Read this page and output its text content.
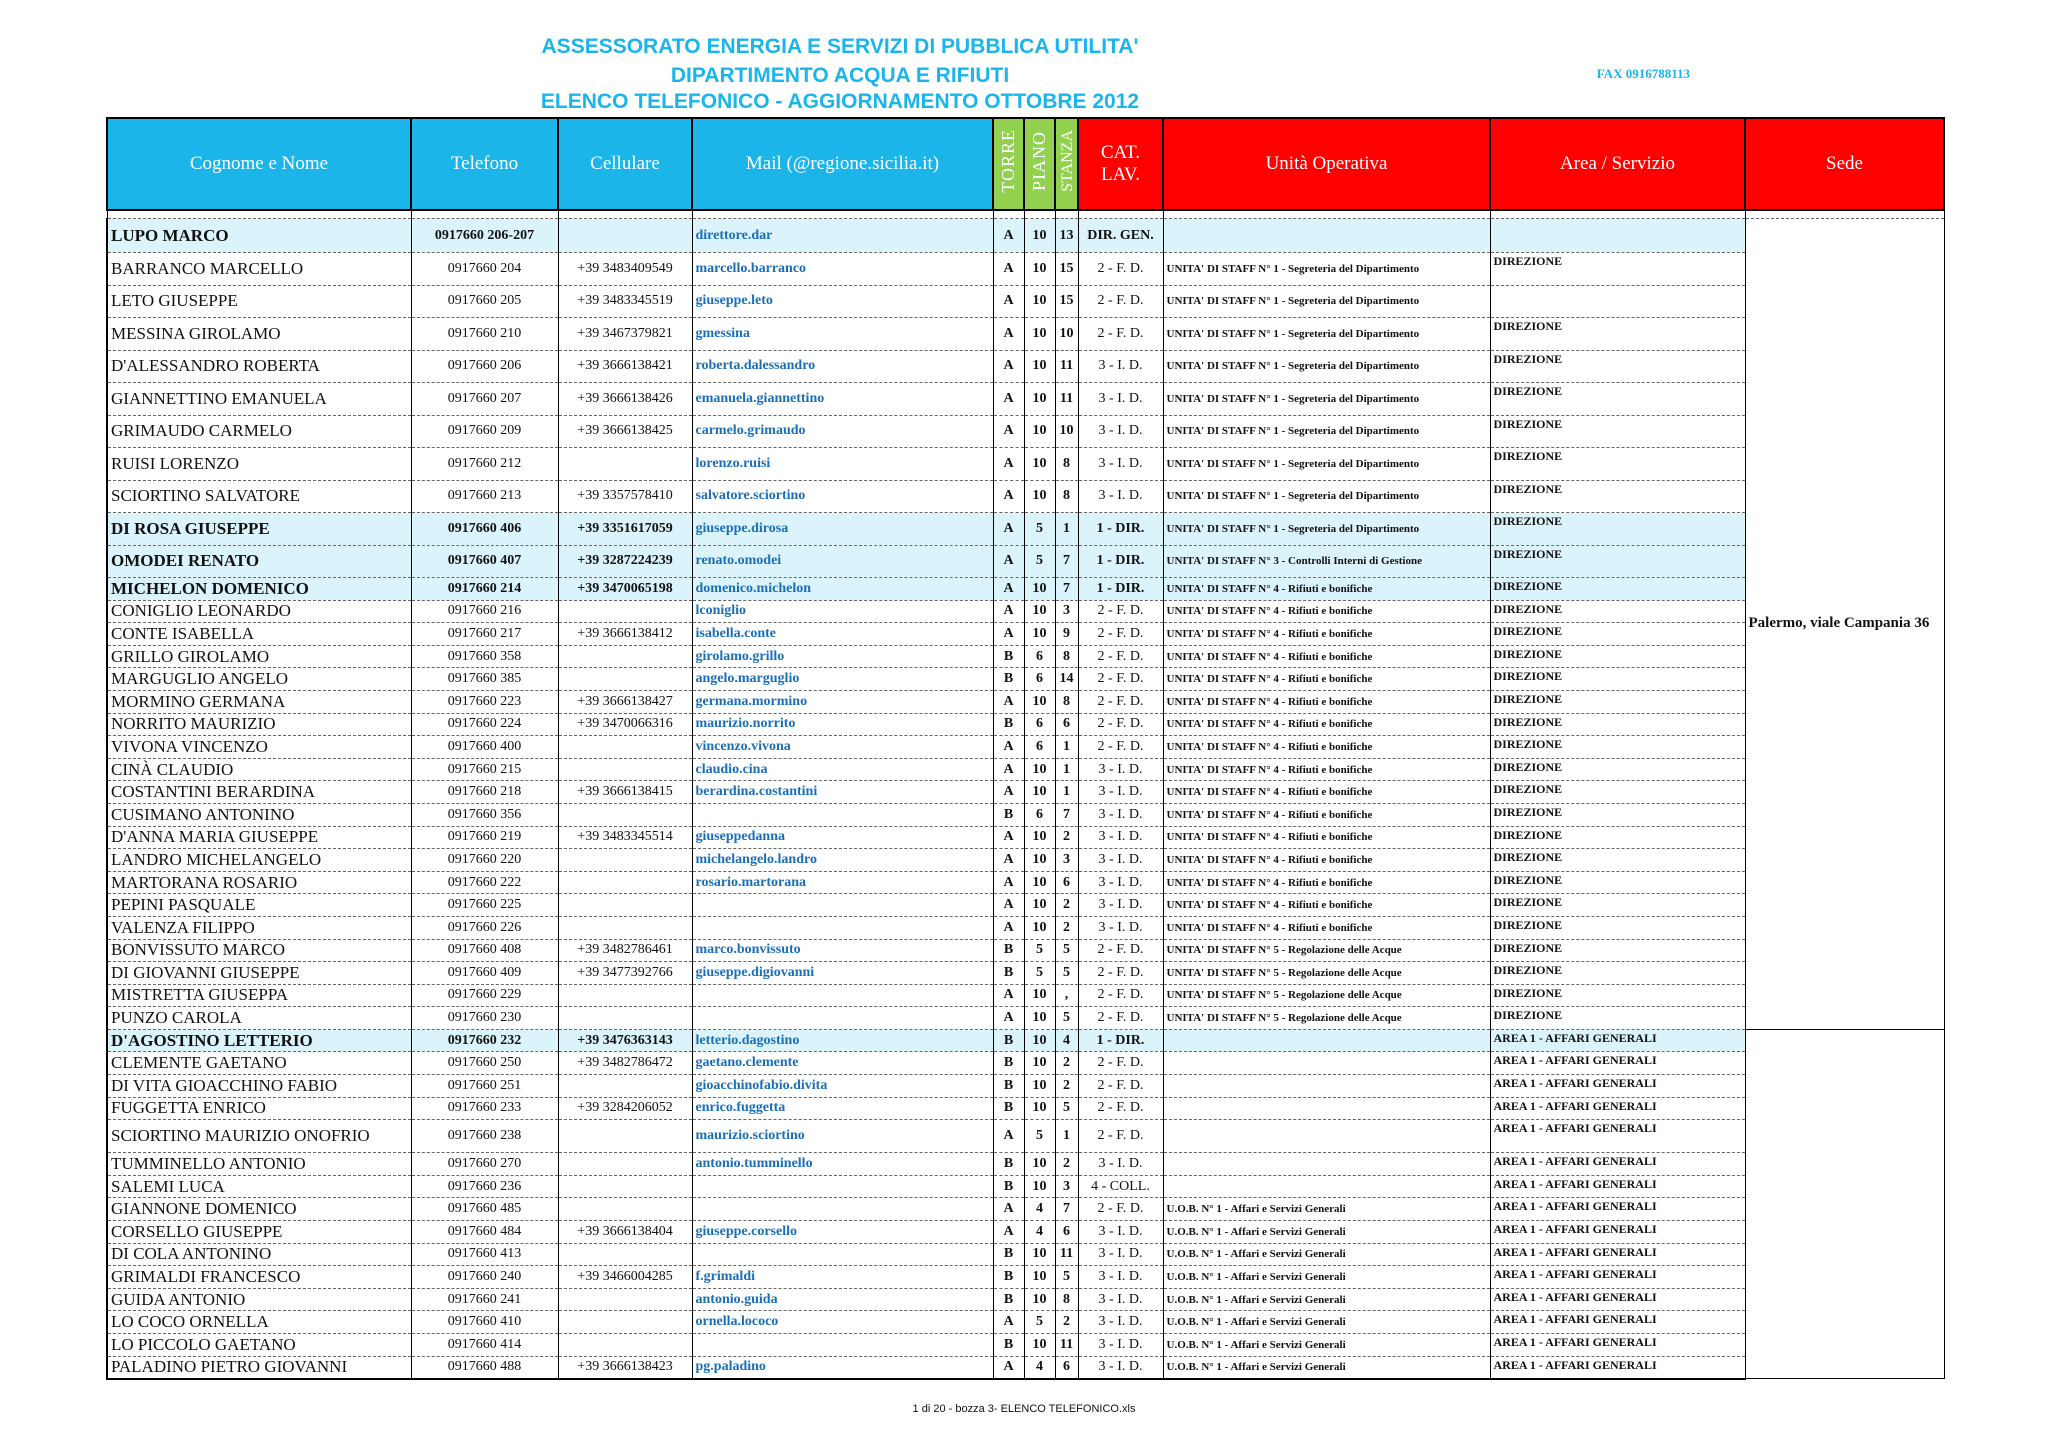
ASSESSORATO ENERGIA E SERVIZI DI PUBBLICA UTILITA'
DIPARTIMENTO ACQUA E RIFIUTI
ELENCO TELEFONICO - AGGIORNAMENTO OTTOBRE 2012
FAX 0916788113
Cognome e Nome	Telefono	Cellulare	Mail (@regione.sicilia.it)	TORRE	PIANO	STANZA	CAT. LAV.	Unità Operativa	Area / Servizio	Sede

LUPO MARCO	0917660 206-207		direttore.dar	A	10	13	DIR. GEN.			Palermo, viale Campania 36
BARRANCO MARCELLO	0917660 204	+39 3483409549	marcello.barranco	A	10	15	2 - F. D.	UNITA' DI STAFF N° 1 - Segreteria del Dipartimento	DIREZIONE	
LETO GIUSEPPE	0917660 205	+39 3483345519	giuseppe.leto	A	10	15	2 - F. D.	UNITA' DI STAFF N° 1 - Segreteria del Dipartimento		
MESSINA GIROLAMO	0917660 210	+39 3467379821	gmessina	A	10	10	2 - F. D.	UNITA' DI STAFF N° 1 - Segreteria del Dipartimento	DIREZIONE	
D'ALESSANDRO ROBERTA	0917660 206	+39 3666138421	roberta.dalessandro	A	10	11	3 - I. D.	UNITA' DI STAFF N° 1 - Segreteria del Dipartimento	DIREZIONE	
GIANNETTINO EMANUELA	0917660 207	+39 3666138426	emanuela.giannettino	A	10	11	3 - I. D.	UNITA' DI STAFF N° 1 - Segreteria del Dipartimento	DIREZIONE	
GRIMAUDO CARMELO	0917660 209	+39 3666138425	carmelo.grimaudo	A	10	10	3 - I. D.	UNITA' DI STAFF N° 1 - Segreteria del Dipartimento	DIREZIONE	
RUISI LORENZO	0917660 212		lorenzo.ruisi	A	10	8	3 - I. D.	UNITA' DI STAFF N° 1 - Segreteria del Dipartimento	DIREZIONE	
SCIORTINO SALVATORE	0917660 213	+39 3357578410	salvatore.sciortino	A	10	8	3 - I. D.	UNITA' DI STAFF N° 1 - Segreteria del Dipartimento	DIREZIONE	
DI ROSA GIUSEPPE	0917660 406	+39 3351617059	giuseppe.dirosa	A	5	1	1 - DIR.	UNITA' DI STAFF N° 1 - Segreteria del Dipartimento	DIREZIONE	
OMODEI RENATO	0917660 407	+39 3287224239	renato.omodei	A	5	7	1 - DIR.	UNITA' DI STAFF N° 3 - Controlli Interni di Gestione	DIREZIONE	
MICHELON DOMENICO	0917660 214	+39 3470065198	domenico.michelon	A	10	7	1 - DIR.	UNITA' DI STAFF N° 4 - Rifiuti e bonifiche	DIREZIONE	
CONIGLIO LEONARDO	0917660 216		lconiglio	A	10	3	2 - F. D.	UNITA' DI STAFF N° 4 - Rifiuti e bonifiche	DIREZIONE	
CONTE ISABELLA	0917660 217	+39 3666138412	isabella.conte	A	10	9	2 - F. D.	UNITA' DI STAFF N° 4 - Rifiuti e bonifiche	DIREZIONE	
GRILLO GIROLAMO	0917660 358		girolamo.grillo	B	6	8	2 - F. D.	UNITA' DI STAFF N° 4 - Rifiuti e bonifiche	DIREZIONE	
MARGUGLIO ANGELO	0917660 385		angelo.marguglio	B	6	14	2 - F. D.	UNITA' DI STAFF N° 4 - Rifiuti e bonifiche	DIREZIONE	
MORMINO GERMANA	0917660 223	+39 3666138427	germana.mormino	A	10	8	2 - F. D.	UNITA' DI STAFF N° 4 - Rifiuti e bonifiche	DIREZIONE	
NORRITO MAURIZIO	0917660 224	+39 3470066316	maurizio.norrito	B	6	6	2 - F. D.	UNITA' DI STAFF N° 4 - Rifiuti e bonifiche	DIREZIONE	
VIVONA VINCENZO	0917660 400		vincenzo.vivona	A	6	1	2 - F. D.	UNITA' DI STAFF N° 4 - Rifiuti e bonifiche	DIREZIONE	
CINÀ CLAUDIO	0917660 215		claudio.cina	A	10	1	3 - I. D.	UNITA' DI STAFF N° 4 - Rifiuti e bonifiche	DIREZIONE	
COSTANTINI BERARDINA	0917660 218	+39 3666138415	berardina.costantini	A	10	1	3 - I. D.	UNITA' DI STAFF N° 4 - Rifiuti e bonifiche	DIREZIONE	
CUSIMANO ANTONINO	0917660 356			B	6	7	3 - I. D.	UNITA' DI STAFF N° 4 - Rifiuti e bonifiche	DIREZIONE	
D'ANNA MARIA GIUSEPPE	0917660 219	+39 3483345514	giuseppedanna	A	10	2	3 - I. D.	UNITA' DI STAFF N° 4 - Rifiuti e bonifiche	DIREZIONE	
LANDRO MICHELANGELO	0917660 220		michelangelo.landro	A	10	3	3 - I. D.	UNITA' DI STAFF N° 4 - Rifiuti e bonifiche	DIREZIONE	
MARTORANA ROSARIO	0917660 222		rosario.martorana	A	10	6	3 - I. D.	UNITA' DI STAFF N° 4 - Rifiuti e bonifiche	DIREZIONE	
PEPINI PASQUALE	0917660 225			A	10	2	3 - I. D.	UNITA' DI STAFF N° 4 - Rifiuti e bonifiche	DIREZIONE	
VALENZA FILIPPO	0917660 226			A	10	2	3 - I. D.	UNITA' DI STAFF N° 4 - Rifiuti e bonifiche	DIREZIONE	
BONVISSUTO MARCO	0917660 408	+39 3482786461	marco.bonvissuto	B	5	5	2 - F. D.	UNITA' DI STAFF N° 5 - Regolazione delle Acque	DIREZIONE	
DI GIOVANNI GIUSEPPE	0917660 409	+39 3477392766	giuseppe.digiovanni	B	5	5	2 - F. D.	UNITA' DI STAFF N° 5 - Regolazione delle Acque	DIREZIONE	
MISTRETTA GIUSEPPA	0917660 229			A	10	,	2 - F. D.	UNITA' DI STAFF N° 5 - Regolazione delle Acque	DIREZIONE	
PUNZO CAROLA	0917660 230			A	10	5	2 - F. D.	UNITA' DI STAFF N° 5 - Regolazione delle Acque	DIREZIONE	
D'AGOSTINO LETTERIO	0917660 232	+39 3476363143	letterio.dagostino	B	10	4	1 - DIR.		AREA 1 - AFFARI GENERALI	
CLEMENTE GAETANO	0917660 250	+39 3482786472	gaetano.clemente	B	10	2	2 - F. D.		AREA 1 - AFFARI GENERALI	
DI VITA GIOACCHINO FABIO	0917660 251		gioacchinofabio.divita	B	10	2	2 - F. D.		AREA 1 - AFFARI GENERALI	
FUGGETTA ENRICO	0917660 233	+39 3284206052	enrico.fuggetta	B	10	5	2 - F. D.		AREA 1 - AFFARI GENERALI	
SCIORTINO MAURIZIO ONOFRIO	0917660 238		maurizio.sciortino	A	5	1	2 - F. D.		AREA 1 - AFFARI GENERALI	
TUMMINELLO ANTONIO	0917660 270		antonio.tumminello	B	10	2	3 - I. D.		AREA 1 - AFFARI GENERALI	
SALEMI LUCA	0917660 236			B	10	3	4 - COLL.		AREA 1 - AFFARI GENERALI	
GIANNONE DOMENICO	0917660 485			A	4	7	2 - F. D.	U.O.B. N° 1 - Affari e Servizi Generali	AREA 1 - AFFARI GENERALI	
CORSELLO GIUSEPPE	0917660 484	+39 3666138404	giuseppe.corsello	A	4	6	3 - I. D.	U.O.B. N° 1 - Affari e Servizi Generali	AREA 1 - AFFARI GENERALI	
DI COLA ANTONINO	0917660 413			B	10	11	3 - I. D.	U.O.B. N° 1 - Affari e Servizi Generali	AREA 1 - AFFARI GENERALI	
GRIMALDI FRANCESCO	0917660 240	+39 3466004285	f.grimaldi	B	10	5	3 - I. D.	U.O.B. N° 1 - Affari e Servizi Generali	AREA 1 - AFFARI GENERALI	
GUIDA ANTONIO	0917660 241		antonio.guida	B	10	8	3 - I. D.	U.O.B. N° 1 - Affari e Servizi Generali	AREA 1 - AFFARI GENERALI	
LO COCO ORNELLA	0917660 410		ornella.lococo	A	5	2	3 - I. D.	U.O.B. N° 1 - Affari e Servizi Generali	AREA 1 - AFFARI GENERALI	
LO PICCOLO GAETANO	0917660 414			B	10	11	3 - I. D.	U.O.B. N° 1 - Affari e Servizi Generali	AREA 1 - AFFARI GENERALI	
PALADINO PIETRO GIOVANNI	0917660 488	+39 3666138423	pg.paladino	A	4	6	3 - I. D.	U.O.B. N° 1 - Affari e Servizi Generali	AREA 1 - AFFARI GENERALI	
1 di 20 - bozza 3- ELENCO TELEFONICO.xls
